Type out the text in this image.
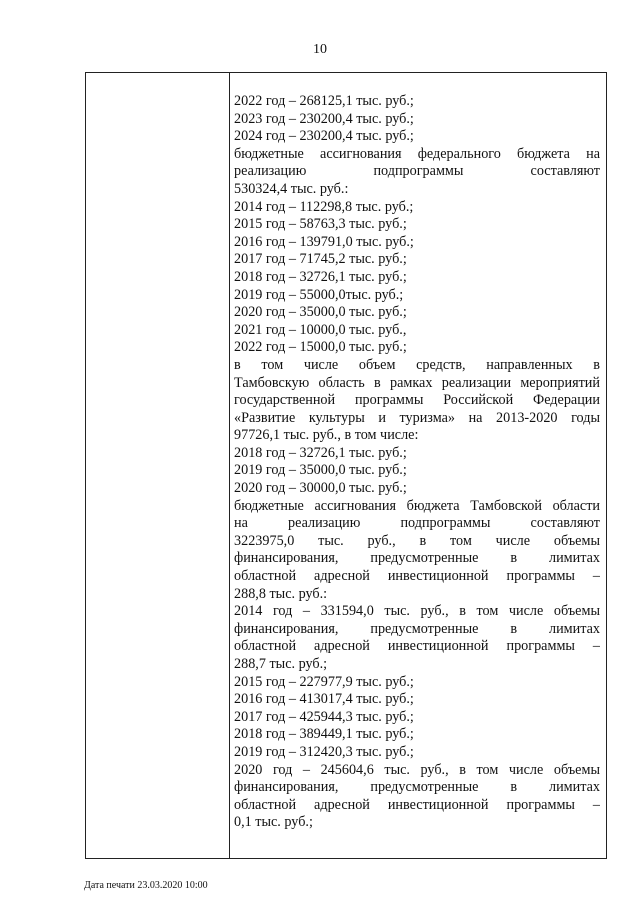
10
2022 год – 268125,1 тыс. руб.;
2023 год – 230200,4 тыс. руб.;
2024 год – 230200,4 тыс. руб.;
бюджетные ассигнования федерального бюджета на
реализацию подпрограммы составляют
530324,4 тыс. руб.:
2014 год – 112298,8 тыс. руб.;
2015 год – 58763,3 тыс. руб.;
2016 год – 139791,0 тыс. руб.;
2017 год – 71745,2 тыс. руб.;
2018 год – 32726,1 тыс. руб.;
2019 год – 55000,0тыс. руб.;
2020 год – 35000,0 тыс. руб.;
2021 год – 10000,0 тыс. руб.,
2022 год – 15000,0 тыс. руб.;
в том числе объем средств, направленных в
Тамбовскую область в рамках реализации мероприятий
государственной программы Российской Федерации
«Развитие культуры и туризма» на 2013-2020 годы
97726,1 тыс. руб., в том числе:
2018 год – 32726,1 тыс. руб.;
2019 год – 35000,0 тыс. руб.;
2020 год – 30000,0 тыс. руб.;
бюджетные ассигнования бюджета Тамбовской области
на реализацию подпрограммы составляют
3223975,0 тыс. руб., в том числе объемы
финансирования, предусмотренные в лимитах
областной адресной инвестиционной программы –
288,8 тыс. руб.:
2014 год – 331594,0 тыс. руб., в том числе объемы
финансирования, предусмотренные в лимитах
областной адресной инвестиционной программы –
288,7 тыс. руб.;
2015 год – 227977,9 тыс. руб.;
2016 год – 413017,4 тыс. руб.;
2017 год – 425944,3 тыс. руб.;
2018 год – 389449,1 тыс. руб.;
2019 год – 312420,3 тыс. руб.;
2020 год – 245604,6 тыс. руб., в том числе объемы
финансирования, предусмотренные в лимитах
областной адресной инвестиционной программы –
0,1 тыс. руб.;
Дата печати 23.03.2020 10:00
